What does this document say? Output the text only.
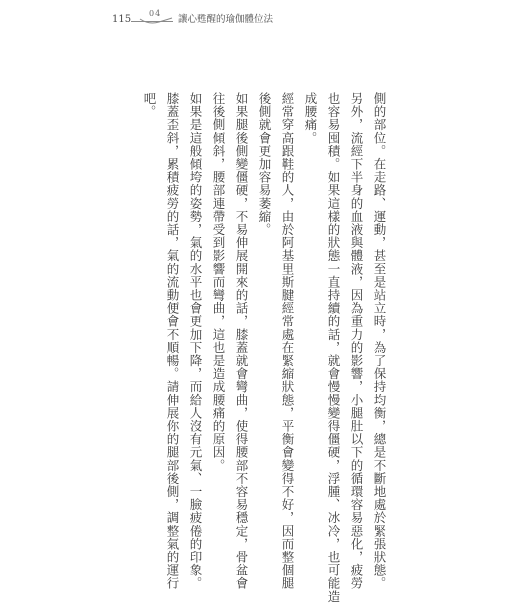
115
04
讓心甦醒的瑜伽體位法
側的部位。在走路、運動，甚至是站立時，為了保持均衡，總是不斷地處於緊張狀態。
另外，流經下半身的血液與體液，因為重力的影響，小腿肚以下的循環容易惡化，疲勞
也容易囤積。如果這樣的狀態一直持續的話，就會慢慢變得僵硬，浮腫、冰冷，也可能造
成腰痛。
經常穿高跟鞋的人，由於阿基里斯腱經常處在緊縮狀態，平衡會變得不好，因而整個腿
後側就會更加容易萎縮。
如果腿後側變僵硬，不易伸展開來的話，膝蓋就會彎曲，使得腰部不容易穩定，骨盆會
往後側傾斜，腰部連帶受到影響而彎曲，這也是造成腰痛的原因。
如果是這般傾垮的姿勢，氣的水平也會更加下降，而給人沒有元氣、一臉疲倦的印象。
膝蓋歪斜，累積疲勞的話，氣的流動便會不順暢。請伸展你的腿部後側，調整氣的運行
吧。
